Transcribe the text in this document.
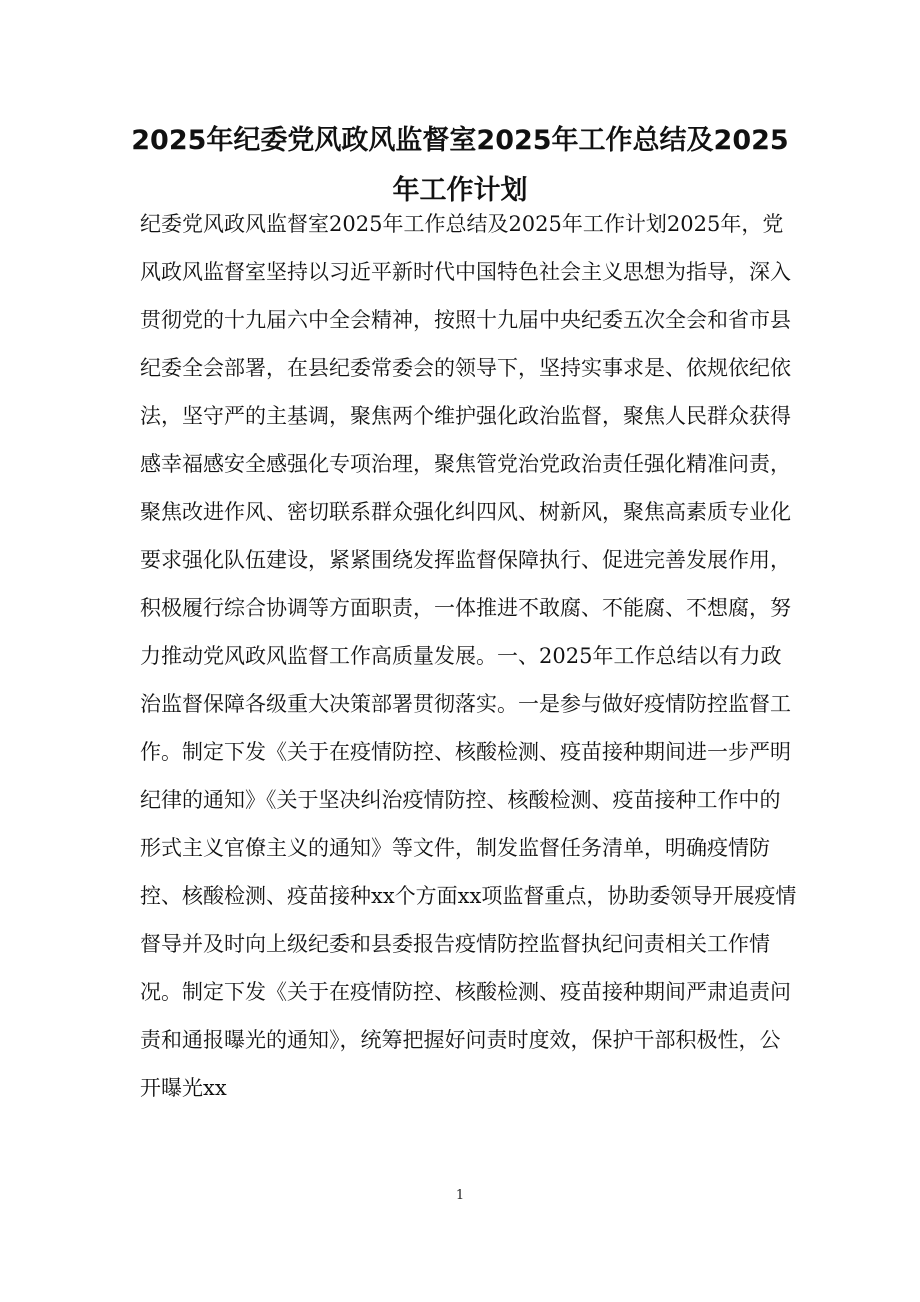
2025年纪委党风政风监督室2025年工作总结及2025
年工作计划

纪委党风政风监督室2025年工作总结及2025年工作计划2025年，党风政风监督室坚持以习近平新时代中国特色社会主义思想为指导，深入贯彻党的十九届六中全会精神，按照十九届中央纪委五次全会和省市县纪委全会部署，在县纪委常委会的领导下，坚持实事求是、依规依纪依法，坚守严的主基调，聚焦两个维护强化政治监督，聚焦人民群众获得感幸福感安全感强化专项治理，聚焦管党治党政治责任强化精准问责，聚焦改进作风、密切联系群众强化纠四风、树新风，聚焦高素质专业化要求强化队伍建设，紧紧围绕发挥监督保障执行、促进完善发展作用，积极履行综合协调等方面职责，一体推进不敢腐、不能腐、不想腐，努力推动党风政风监督工作高质量发展。一、2025年工作总结以有力政治监督保障各级重大决策部署贯彻落实。一是参与做好疫情防控监督工作。制定下发《关于在疫情防控、核酸检测、疫苗接种期间进一步严明纪律的通知》《关于坚决纠治疫情防控、核酸检测、疫苗接种工作中的形式主义官僚主义的通知》等文件，制发监督任务清单，明确疫情防控、核酸检测、疫苗接种xx个方面xx项监督重点，协助委领导开展疫情督导并及时向上级纪委和县委报告疫情防控监督执纪问责相关工作情况。制定下发《关于在疫情防控、核酸检测、疫苗接种期间严肃追责问责和通报曝光的通知》，统筹把握好问责时度效，保护干部积极性，公开曝光xx

1
